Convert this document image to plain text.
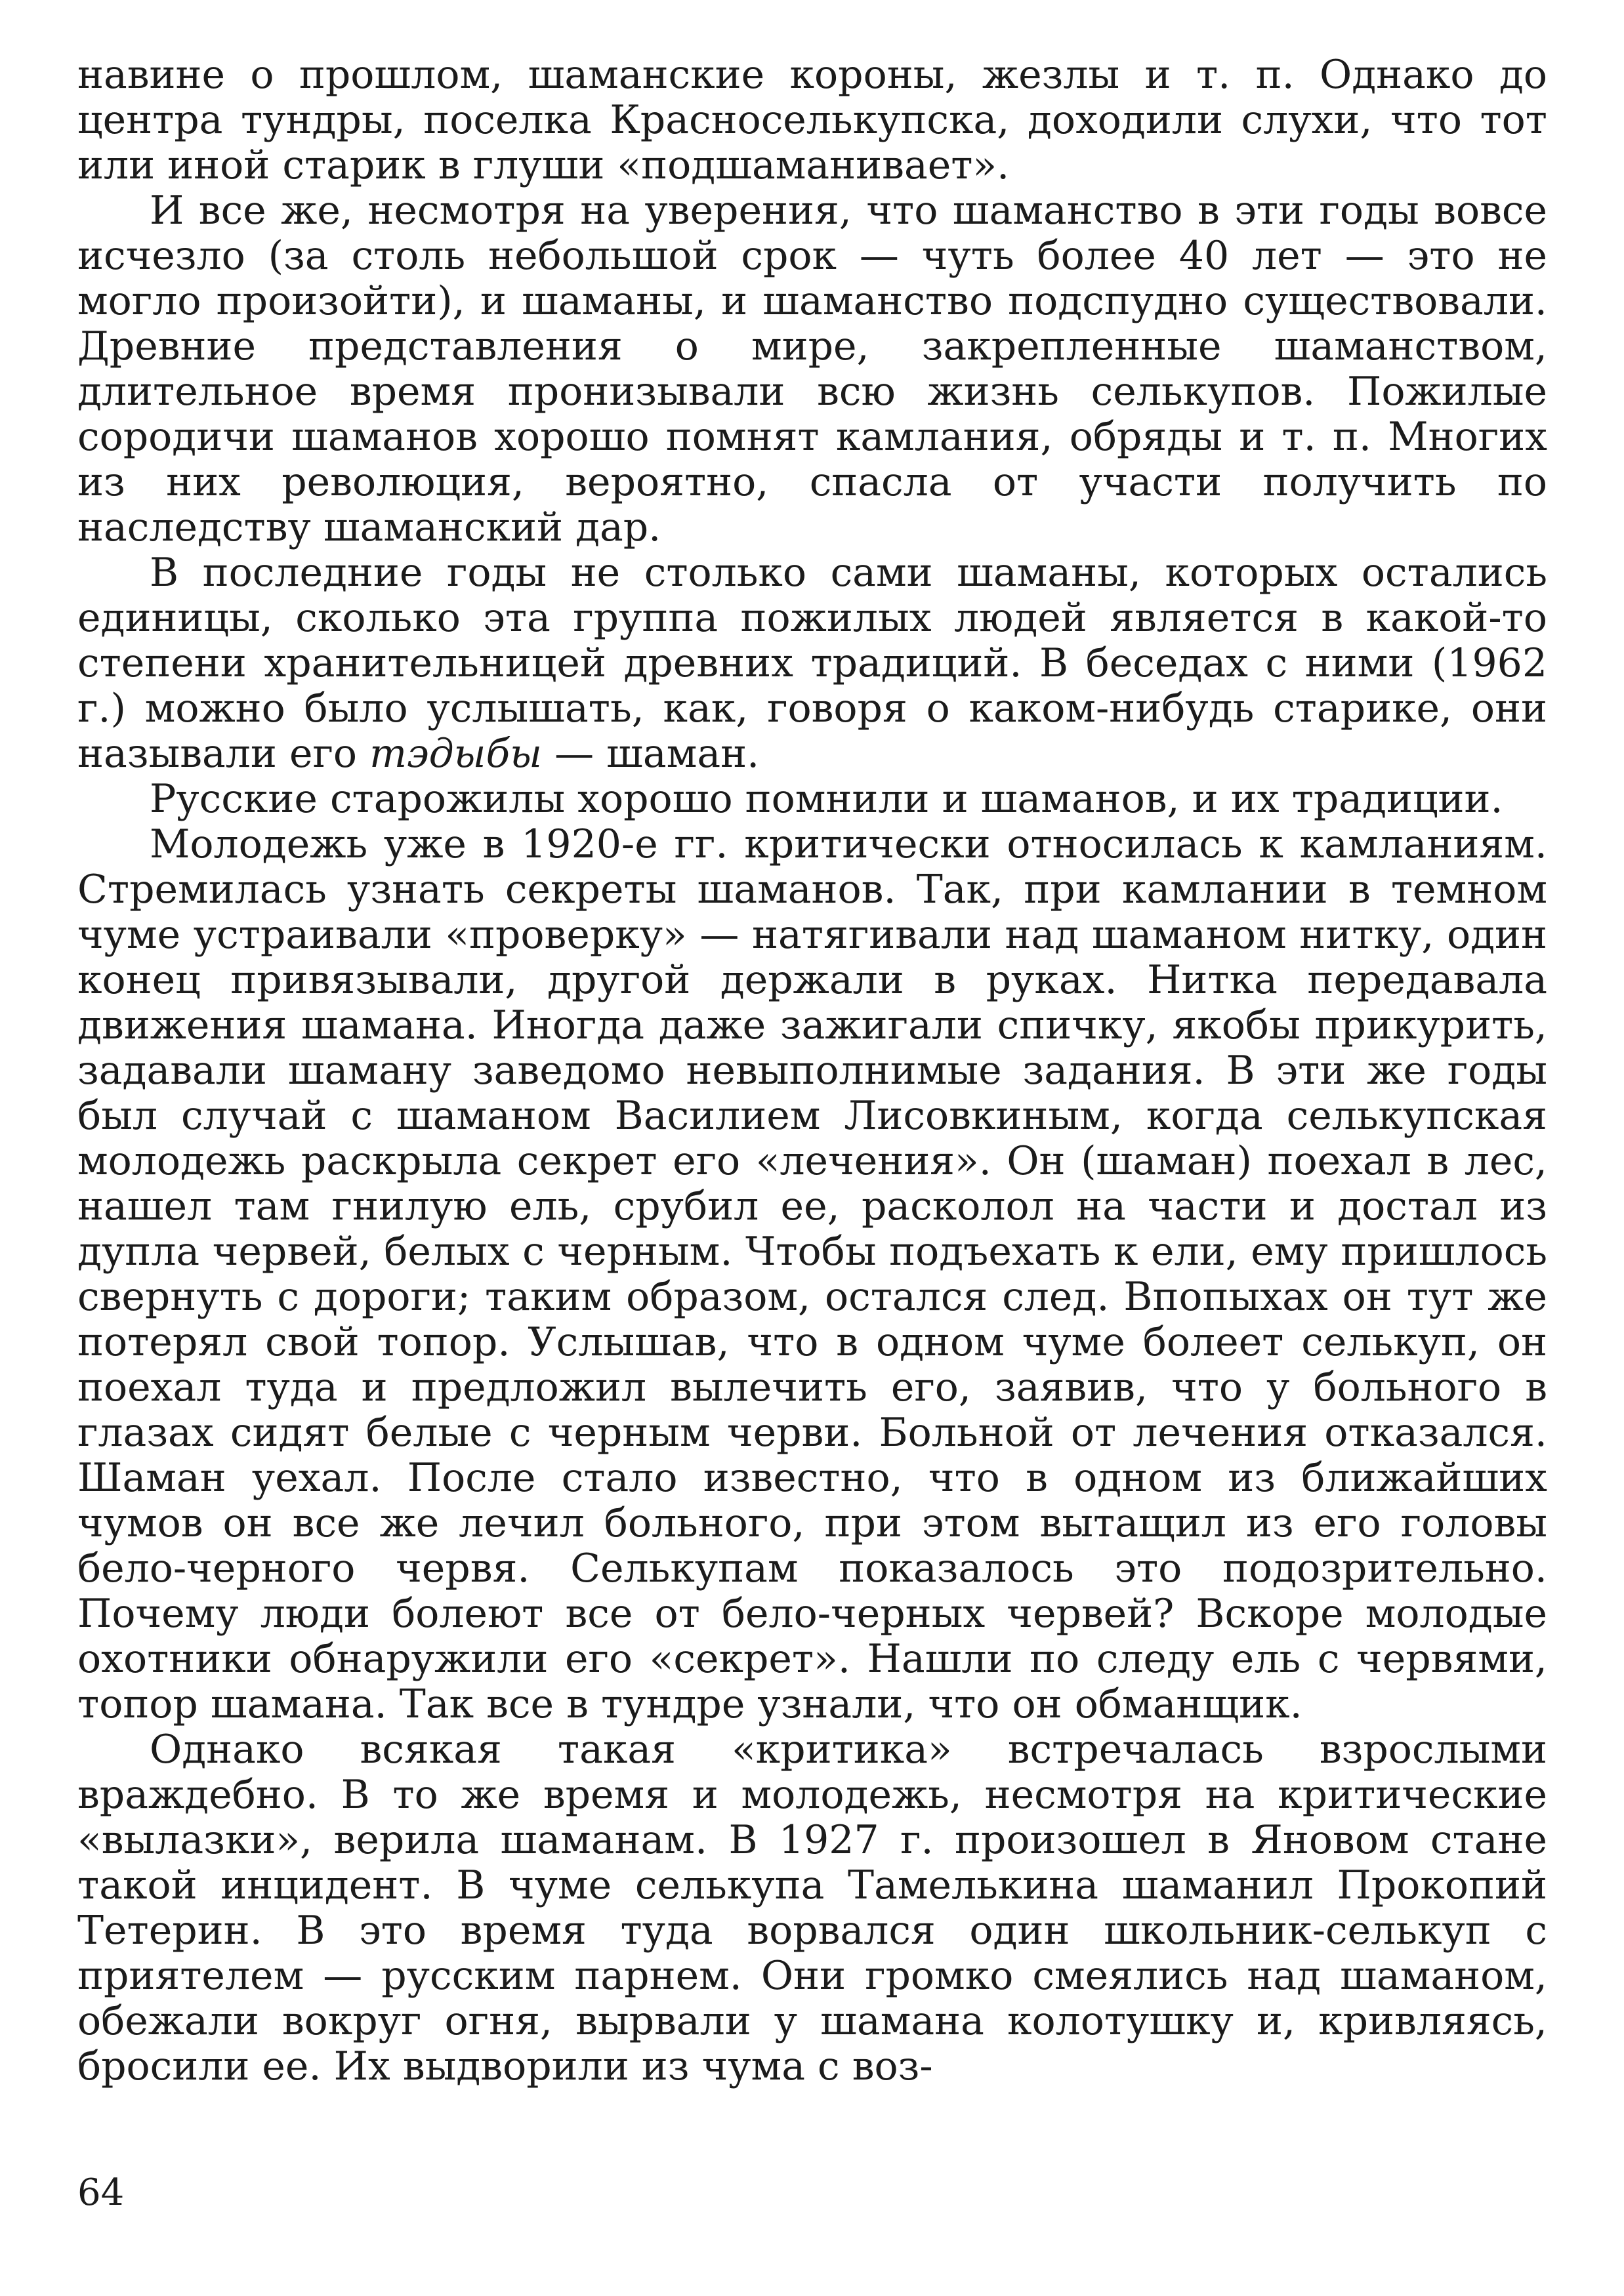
навине о прошлом, шаманские короны, жезлы и т. п. Однако до центра тундры, поселка Красноселькупска, доходили слухи, что тот или иной старик в глуши «подшаманивает».

И все же, несмотря на уверения, что шаманство в эти годы вовсе исчезло (за столь небольшой срок — чуть более 40 лет — это не могло произойти), и шаманы, и шаманство подспудно существовали. Древние представления о мире, закрепленные шаманством, длительное время пронизывали всю жизнь селькупов. Пожилые сородичи шаманов хорошо помнят камлания, обряды и т. п. Многих из них революция, вероятно, спасла от участи получить по наследству шаманский дар.

В последние годы не столько сами шаманы, которых остались единицы, сколько эта группа пожилых людей является в какой-то степени хранительницей древних традиций. В беседах с ними (1962 г.) можно было услышать, как, говоря о каком-нибудь старике, они называли его тэдыбы — шаман.

Русские старожилы хорошо помнили и шаманов, и их традиции.

Молодежь уже в 1920-е гг. критически относилась к камланиям. Стремилась узнать секреты шаманов. Так, при камлании в темном чуме устраивали «проверку» — натягивали над шаманом нитку, один конец привязывали, другой держали в руках. Нитка передавала движения шамана. Иногда даже зажигали спичку, якобы прикурить, задавали шаману заведомо невыполнимые задания. В эти же годы был случай с шаманом Василием Лисовкиным, когда селькупская молодежь раскрыла секрет его «лечения». Он (шаман) поехал в лес, нашел там гнилую ель, срубил ее, расколол на части и достал из дупла червей, белых с черным. Чтобы подъехать к ели, ему пришлось свернуть с дороги; таким образом, остался след. Впопыхах он тут же потерял свой топор. Услышав, что в одном чуме болеет селькуп, он поехал туда и предложил вылечить его, заявив, что у больного в глазах сидят белые с черным черви. Больной от лечения отказался. Шаман уехал. После стало известно, что в одном из ближайших чумов он все же лечил больного, при этом вытащил из его головы бело-черного червя. Селькупам показалось это подозрительно. Почему люди болеют все от бело-черных червей? Вскоре молодые охотники обнаружили его «секрет». Нашли по следу ель с червями, топор шамана. Так все в тундре узнали, что он обманщик.

Однако всякая такая «критика» встречалась взрослыми враждебно. В то же время и молодежь, несмотря на критические «вылазки», верила шаманам. В 1927 г. произошел в Яновом стане такой инцидент. В чуме селькупа Тамелькина шаманил Прокопий Тетерин. В это время туда ворвался один школьник-селькуп с приятелем — русским парнем. Они громко смеялись над шаманом, обежали вокруг огня, вырвали у шамана колотушку и, кривляясь, бросили ее. Их выдворили из чума с воз-

64
